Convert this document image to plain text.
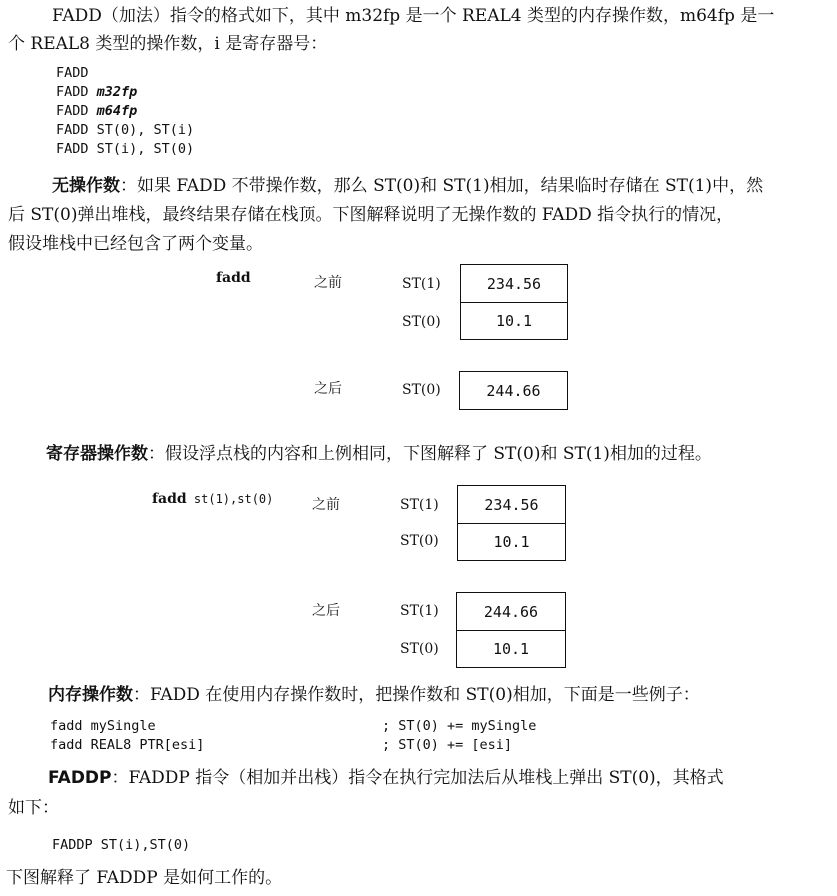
FADD（加法）指令的格式如下，其中 m32fp 是一个 REAL4 类型的内存操作数，m64fp 是一
个 REAL8 类型的操作数，i 是寄存器号：
FADD
FADD m32fp
FADD m64fp
FADD ST(0), ST(i)
FADD ST(i), ST(0)
无操作数：如果 FADD 不带操作数，那么 ST(0)和 ST(1)相加，结果临时存储在 ST(1)中，然
后 ST(0)弹出堆栈，最终结果存储在栈顶。下图解释说明了无操作数的 FADD 指令执行的情况，
假设堆栈中已经包含了两个变量。
fadd	之前	ST(1)	234.56
ST(0)	10.1
之后	ST(0)	244.66
寄存器操作数：假设浮点栈的内容和上例相同，下图解释了 ST(0)和 ST(1)相加的过程。
fadd st(1),st(0)	之前	ST(1)	234.56
ST(0)	10.1
之后	ST(1)	244.66
ST(0)	10.1
内存操作数：FADD 在使用内存操作数时，把操作数和 ST(0)相加，下面是一些例子：
fadd mySingle	; ST(0) += mySingle
fadd REAL8 PTR[esi]	; ST(0) += [esi]
FADDP：FADDP 指令（相加并出栈）指令在执行完加法后从堆栈上弹出 ST(0)，其格式
如下：
FADDP ST(i),ST(0)
下图解释了 FADDP 是如何工作的。
